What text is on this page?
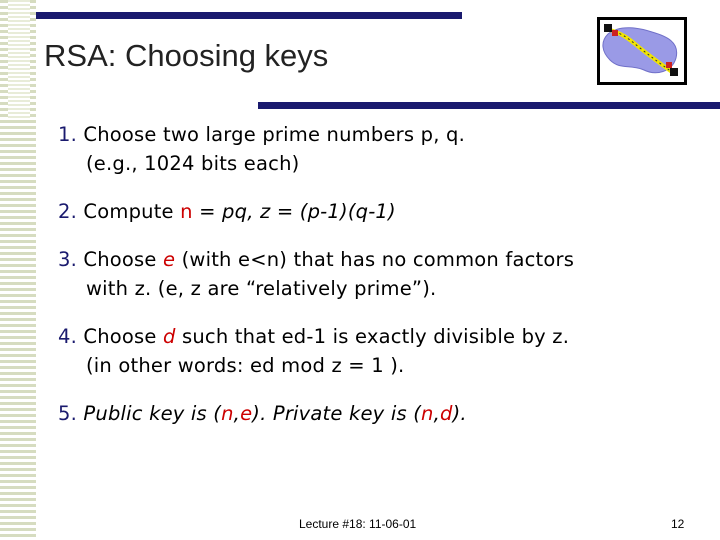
RSA: Choosing keys
1. Choose two large prime numbers p, q.
(e.g., 1024 bits each)
2. Compute n = pq, z = (p-1)(q-1)
3. Choose e (with e<n) that has no common factors
with z. (e, z are “relatively prime”).
4. Choose d such that ed-1 is exactly divisible by z.
(in other words: ed mod z = 1 ).
5. Public key is (n,e). Private key is (n,d).
Lecture #18: 11-06-01	12
